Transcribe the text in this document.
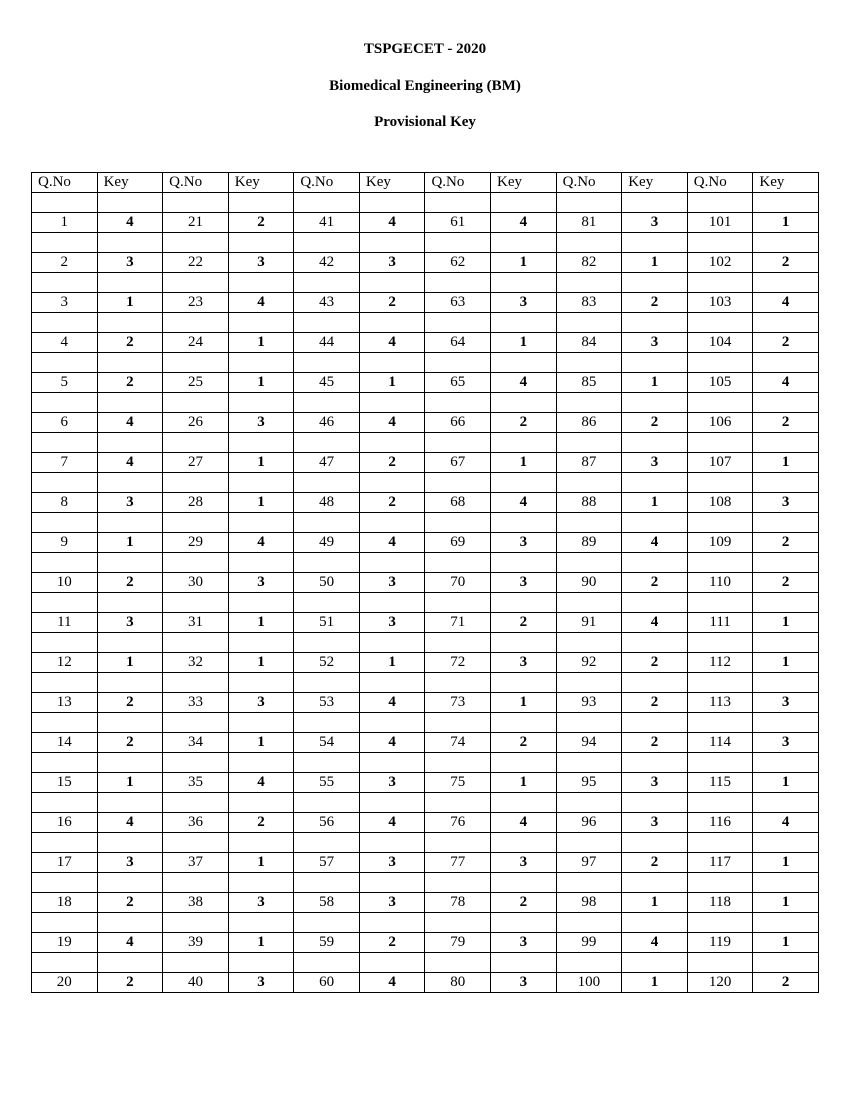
TSPGECET - 2020
Biomedical Engineering (BM)
Provisional Key
Q.No	Key	Q.No	Key	Q.No	Key	Q.No	Key	Q.No	Key	Q.No	Key

1	4	21	2	41	4	61	4	81	3	101	1

2	3	22	3	42	3	62	1	82	1	102	2

3	1	23	4	43	2	63	3	83	2	103	4

4	2	24	1	44	4	64	1	84	3	104	2

5	2	25	1	45	1	65	4	85	1	105	4

6	4	26	3	46	4	66	2	86	2	106	2

7	4	27	1	47	2	67	1	87	3	107	1

8	3	28	1	48	2	68	4	88	1	108	3

9	1	29	4	49	4	69	3	89	4	109	2

10	2	30	3	50	3	70	3	90	2	110	2

11	3	31	1	51	3	71	2	91	4	111	1

12	1	32	1	52	1	72	3	92	2	112	1

13	2	33	3	53	4	73	1	93	2	113	3

14	2	34	1	54	4	74	2	94	2	114	3

15	1	35	4	55	3	75	1	95	3	115	1

16	4	36	2	56	4	76	4	96	3	116	4

17	3	37	1	57	3	77	3	97	2	117	1

18	2	38	3	58	3	78	2	98	1	118	1

19	4	39	1	59	2	79	3	99	4	119	1

20	2	40	3	60	4	80	3	100	1	120	2
